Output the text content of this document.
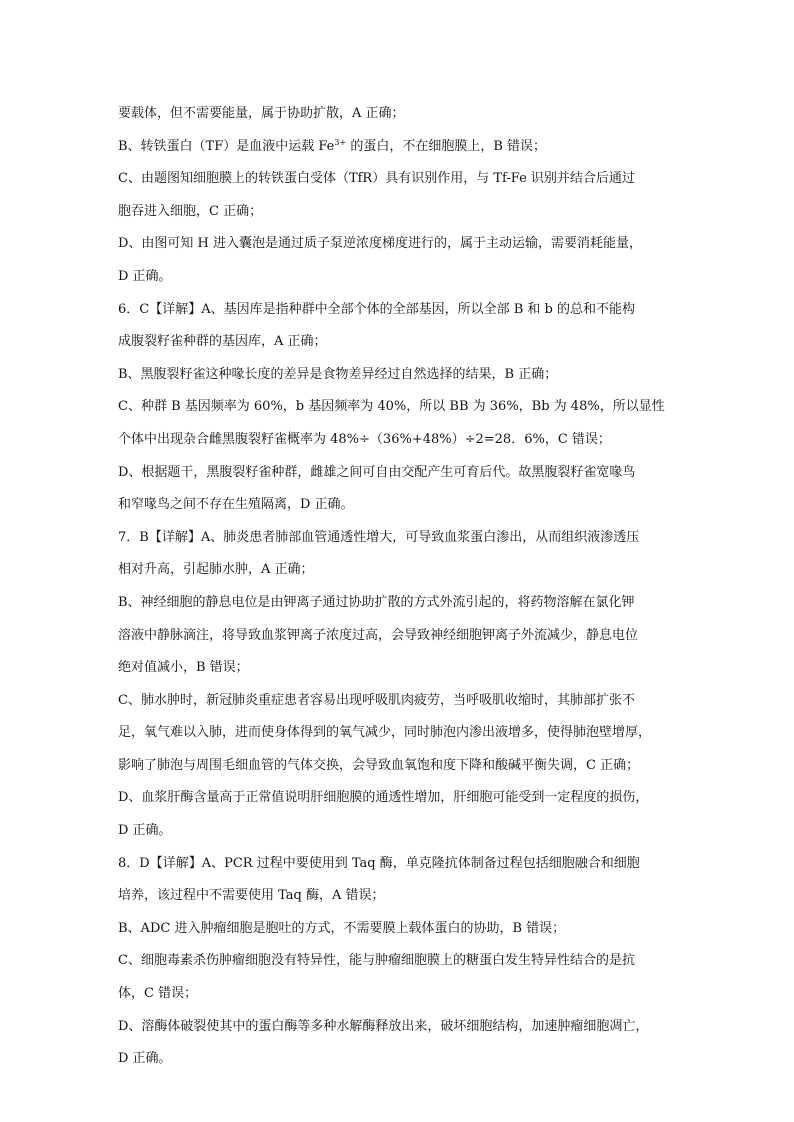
要载体，但不需要能量，属于协助扩散，A 正确；
B、转铁蛋白（TF）是血液中运载 $Fe^{3+}$ 的蛋白，不在细胞膜上，B 错误；
C、由题图知细胞膜上的转铁蛋白受体（TfR）具有识别作用，与 Tf-Fe 识别并结合后通过
胞吞进入细胞，C 正确；
D、由图可知 H 进入囊泡是通过质子泵逆浓度梯度进行的，属于主动运输，需要消耗能量，
D 正确。
6．C【详解】A、基因库是指种群中全部个体的全部基因，所以全部 B 和 b 的总和不能构
成腹裂籽雀种群的基因库，A 正确；
B、黑腹裂籽雀这种喙长度的差异是食物差异经过自然选择的结果，B 正确；
C、种群 B 基因频率为 60%，b 基因频率为 40%，所以 BB 为 36%，Bb 为 48%，所以显性
个体中出现杂合雌黑腹裂籽雀概率为 48%÷（36%+48%）÷2=28．6%，C 错误；
D、根据题干，黑腹裂籽雀种群，雌雄之间可自由交配产生可育后代。故黑腹裂籽雀宽喙鸟
和窄喙鸟之间不存在生殖隔离，D 正确。
7．B【详解】A、肺炎患者肺部血管通透性增大，可导致血浆蛋白渗出，从而组织液渗透压
相对升高，引起肺水肿，A 正确；
B、神经细胞的静息电位是由钾离子通过协助扩散的方式外流引起的，将药物溶解在氯化钾
溶液中静脉滴注，将导致血浆钾离子浓度过高，会导致神经细胞钾离子外流减少，静息电位
绝对值减小，B 错误；
C、肺水肿时，新冠肺炎重症患者容易出现呼吸肌肉疲劳，当呼吸肌收缩时，其肺部扩张不
足，氧气难以入肺，进而使身体得到的氧气减少，同时肺泡内渗出液增多，使得肺泡壁增厚，
影响了肺泡与周围毛细血管的气体交换，会导致血氧饱和度下降和酸碱平衡失调，C 正确；
D、血浆肝酶含量高于正常值说明肝细胞膜的通透性增加，肝细胞可能受到一定程度的损伤，
D 正确。
8．D【详解】A、PCR 过程中要使用到 Taq 酶，单克隆抗体制备过程包括细胞融合和细胞
培养，该过程中不需要使用 Taq 酶，A 错误；
B、ADC 进入肿瘤细胞是胞吐的方式，不需要膜上载体蛋白的协助，B 错误；
C、细胞毒素杀伤肿瘤细胞没有特异性，能与肿瘤细胞膜上的糖蛋白发生特异性结合的是抗
体，C 错误；
D、溶酶体破裂使其中的蛋白酶等多种水解酶释放出来，破坏细胞结构，加速肿瘤细胞凋亡，
D 正确。
